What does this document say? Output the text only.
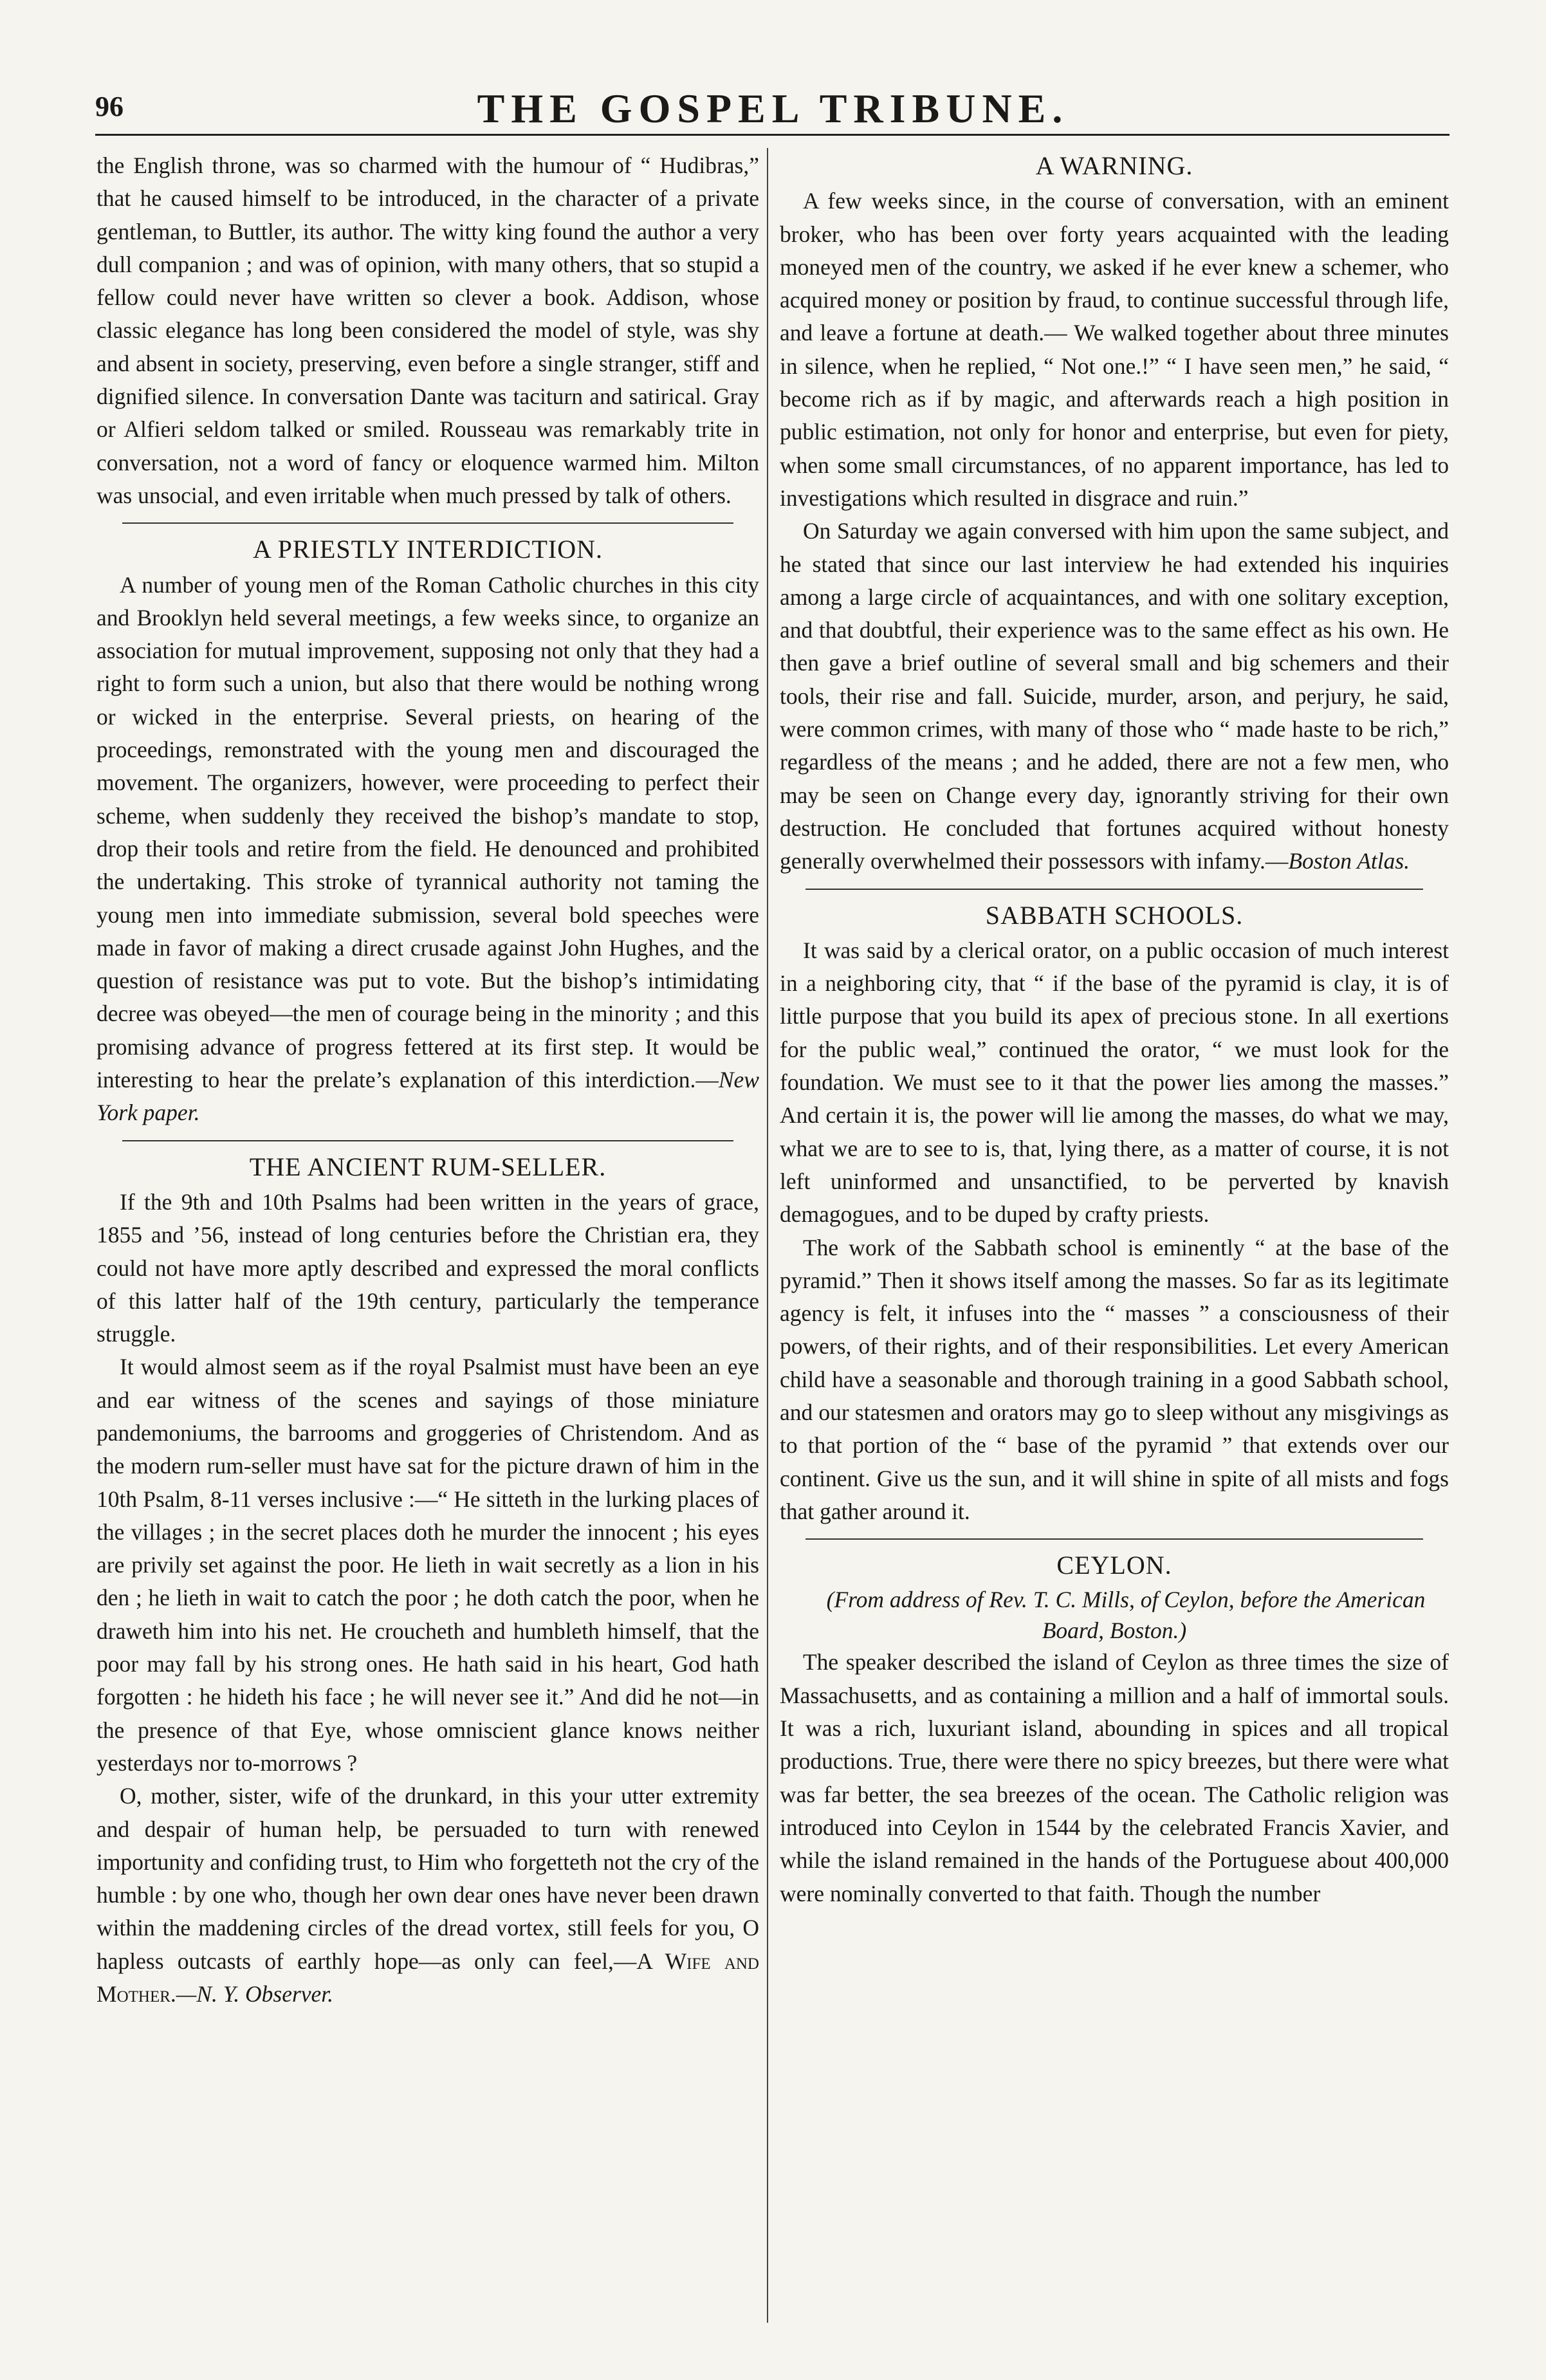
96	THE GOSPEL TRIBUNE.

the English throne, was so charmed with the humour of “ Hudibras,” that he caused himself to be introduced, in the character of a private gentleman, to Buttler, its author. The witty king found the author a very dull companion ; and was of opinion, with many others, that so stupid a fellow could never have written so clever a book. Addison, whose classic elegance has long been considered the model of style, was shy and absent in society, preserving, even before a single stranger, stiff and dignified silence. In conversation Dante was taciturn and satirical. Gray or Alfieri seldom talked or smiled. Rousseau was remarkably trite in conversation, not a word of fancy or eloquence warmed him. Milton was unsocial, and even irritable when much pressed by talk of others.

A PRIESTLY INTERDICTION.

A number of young men of the Roman Catholic churches in this city and Brooklyn held several meetings, a few weeks since, to organize an association for mutual improvement, supposing not only that they had a right to form such a union, but also that there would be nothing wrong or wicked in the enterprise. Several priests, on hearing of the proceedings, remonstrated with the young men and discouraged the movement. The organizers, however, were proceeding to perfect their scheme, when suddenly they received the bishop’s mandate to stop, drop their tools and retire from the field. He denounced and prohibited the undertaking. This stroke of tyrannical authority not taming the young men into immediate submission, several bold speeches were made in favor of making a direct crusade against John Hughes, and the question of resistance was put to vote. But the bishop’s intimidating decree was obeyed—the men of courage being in the minority ; and this promising advance of progress fettered at its first step. It would be interesting to hear the prelate’s explanation of this interdiction.—New York paper.

THE ANCIENT RUM-SELLER.

If the 9th and 10th Psalms had been written in the years of grace, 1855 and ’56, instead of long centuries before the Christian era, they could not have more aptly described and expressed the moral conflicts of this latter half of the 19th century, particularly the temperance struggle.

It would almost seem as if the royal Psalmist must have been an eye and ear witness of the scenes and sayings of those miniature pandemoniums, the barrooms and groggeries of Christendom. And as the modern rum-seller must have sat for the picture drawn of him in the 10th Psalm, 8-11 verses inclusive :—“ He sitteth in the lurking places of the villages ; in the secret places doth he murder the innocent ; his eyes are privily set against the poor. He lieth in wait secretly as a lion in his den ; he lieth in wait to catch the poor ; he doth catch the poor, when he draweth him into his net. He croucheth and humbleth himself, that the poor may fall by his strong ones. He hath said in his heart, God hath forgotten : he hideth his face ; he will never see it.” And did he not—in the presence of that Eye, whose omniscient glance knows neither yesterdays nor to-morrows ?

O, mother, sister, wife of the drunkard, in this your utter extremity and despair of human help, be persuaded to turn with renewed importunity and confiding trust, to Him who forgetteth not the cry of the humble : by one who, though her own dear ones have never been drawn within the maddening circles of the dread vortex, still feels for you, O hapless outcasts of earthly hope—as only can feel,—A Wife and Mother.—N. Y. Observer.

A WARNING.

A few weeks since, in the course of conversation, with an eminent broker, who has been over forty years acquainted with the leading moneyed men of the country, we asked if he ever knew a schemer, who acquired money or position by fraud, to continue successful through life, and leave a fortune at death.— We walked together about three minutes in silence, when he replied, “ Not one.!” “ I have seen men,” he said, “ become rich as if by magic, and afterwards reach a high position in public estimation, not only for honor and enterprise, but even for piety, when some small circumstances, of no apparent importance, has led to investigations which resulted in disgrace and ruin.”

On Saturday we again conversed with him upon the same subject, and he stated that since our last interview he had extended his inquiries among a large circle of acquaintances, and with one solitary exception, and that doubtful, their experience was to the same effect as his own. He then gave a brief outline of several small and big schemers and their tools, their rise and fall. Suicide, murder, arson, and perjury, he said, were common crimes, with many of those who “ made haste to be rich,” regardless of the means ; and he added, there are not a few men, who may be seen on Change every day, ignorantly striving for their own destruction. He concluded that fortunes acquired without honesty generally overwhelmed their possessors with infamy.—Boston Atlas.

SABBATH SCHOOLS.

It was said by a clerical orator, on a public occasion of much interest in a neighboring city, that “ if the base of the pyramid is clay, it is of little purpose that you build its apex of precious stone. In all exertions for the public weal,” continued the orator, “ we must look for the foundation. We must see to it that the power lies among the masses.” And certain it is, the power will lie among the masses, do what we may, what we are to see to is, that, lying there, as a matter of course, it is not left uninformed and unsanctified, to be perverted by knavish demagogues, and to be duped by crafty priests.

The work of the Sabbath school is eminently “ at the base of the pyramid.” Then it shows itself among the masses. So far as its legitimate agency is felt, it infuses into the “ masses ” a consciousness of their powers, of their rights, and of their responsibilities. Let every American child have a seasonable and thorough training in a good Sabbath school, and our statesmen and orators may go to sleep without any misgivings as to that portion of the “ base of the pyramid ” that extends over our continent. Give us the sun, and it will shine in spite of all mists and fogs that gather around it.

CEYLON.

(From address of Rev. T. C. Mills, of Ceylon, before the American Board, Boston.)

The speaker described the island of Ceylon as three times the size of Massachusetts, and as containing a million and a half of immortal souls. It was a rich, luxuriant island, abounding in spices and all tropical productions. True, there were there no spicy breezes, but there were what was far better, the sea breezes of the ocean. The Catholic religion was introduced into Ceylon in 1544 by the celebrated Francis Xavier, and while the island remained in the hands of the Portuguese about 400,000 were nominally converted to that faith. Though the number
